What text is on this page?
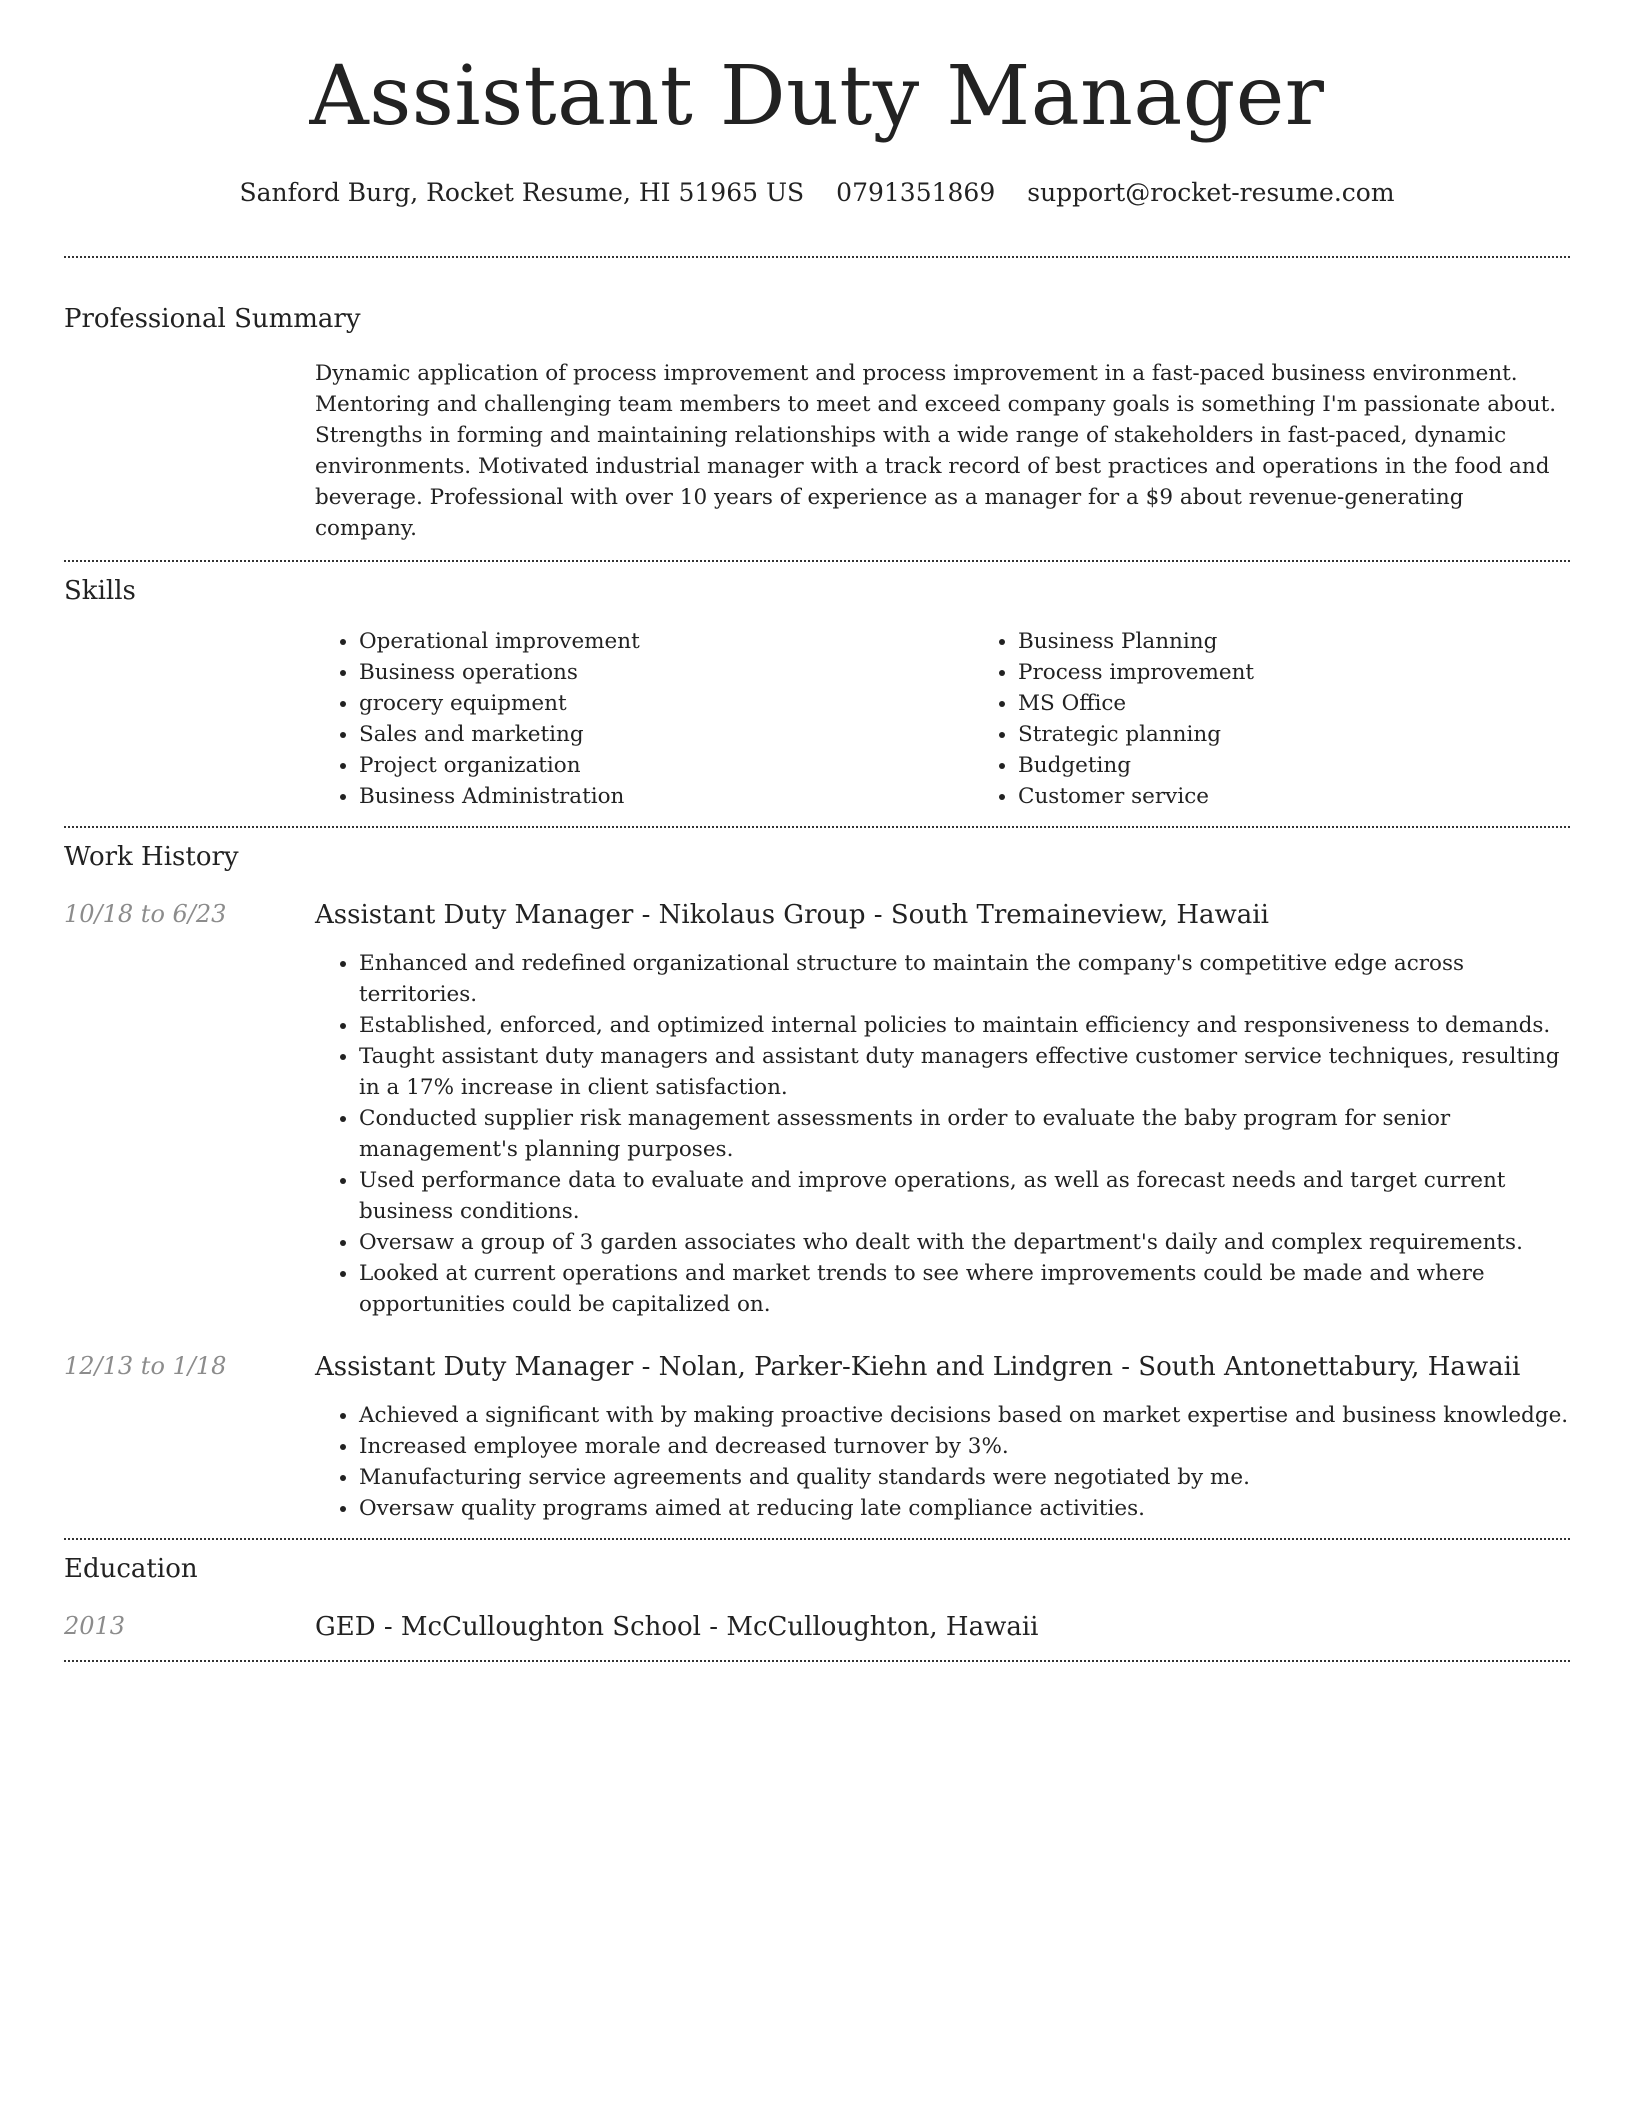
Assistant Duty Manager
Sanford Burg, Rocket Resume, HI 51965 US 0791351869 support@rocket-resume.com
Professional Summary

Dynamic application of process improvement and process improvement in a fast-paced business environment. Mentoring and challenging team members to meet and exceed company goals is something I'm passionate about. Strengths in forming and maintaining relationships with a wide range of stakeholders in fast-paced, dynamic environments. Motivated industrial manager with a track record of best practices and operations in the food and beverage. Professional with over 10 years of experience as a manager for a $9 about revenue-generating company.

Skills
• Operational improvement
• Business operations
• grocery equipment
• Sales and marketing
• Project organization
• Business Administration
• Business Planning
• Process improvement
• MS Office
• Strategic planning
• Budgeting
• Customer service
Work History
10/18 to 6/23	Assistant Duty Manager - Nikolaus Group - South Tremaineview, Hawaii
• Enhanced and redefined organizational structure to maintain the company's competitive edge across territories.
• Established, enforced, and optimized internal policies to maintain efficiency and responsiveness to demands.
• Taught assistant duty managers and assistant duty managers effective customer service techniques, resulting in a 17% increase in client satisfaction.
• Conducted supplier risk management assessments in order to evaluate the baby program for senior management's planning purposes.
• Used performance data to evaluate and improve operations, as well as forecast needs and target current business conditions.
• Oversaw a group of 3 garden associates who dealt with the department's daily and complex requirements.
• Looked at current operations and market trends to see where improvements could be made and where opportunities could be capitalized on.
12/13 to 1/18	Assistant Duty Manager - Nolan, Parker-Kiehn and Lindgren - South Antonettabury, Hawaii
• Achieved a significant with by making proactive decisions based on market expertise and business knowledge.
• Increased employee morale and decreased turnover by 3%.
• Manufacturing service agreements and quality standards were negotiated by me.
• Oversaw quality programs aimed at reducing late compliance activities.
Education
2013	GED - McCulloughton School - McCulloughton, Hawaii
